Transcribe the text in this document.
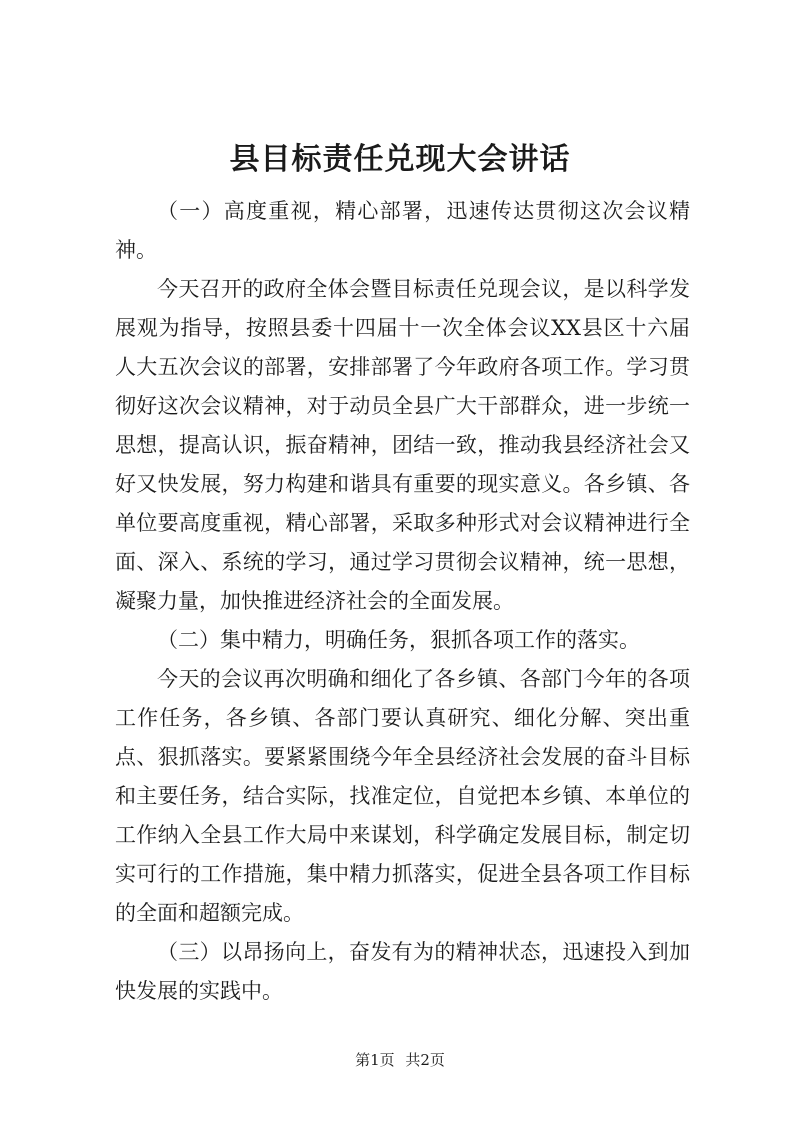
县目标责任兑现大会讲话

（一）高度重视，精心部署，迅速传达贯彻这次会议精神。

今天召开的政府全体会暨目标责任兑现会议，是以科学发展观为指导，按照县委十四届十一次全体会议XX县区十六届人大五次会议的部署，安排部署了今年政府各项工作。学习贯彻好这次会议精神，对于动员全县广大干部群众，进一步统一思想，提高认识，振奋精神，团结一致，推动我县经济社会又好又快发展，努力构建和谐具有重要的现实意义。各乡镇、各单位要高度重视，精心部署，采取多种形式对会议精神进行全面、深入、系统的学习，通过学习贯彻会议精神，统一思想，凝聚力量，加快推进经济社会的全面发展。

（二）集中精力，明确任务，狠抓各项工作的落实。

今天的会议再次明确和细化了各乡镇、各部门今年的各项工作任务，各乡镇、各部门要认真研究、细化分解、突出重点、狠抓落实。要紧紧围绕今年全县经济社会发展的奋斗目标和主要任务，结合实际，找准定位，自觉把本乡镇、本单位的工作纳入全县工作大局中来谋划，科学确定发展目标，制定切实可行的工作措施，集中精力抓落实，促进全县各项工作目标的全面和超额完成。

（三）以昂扬向上，奋发有为的精神状态，迅速投入到加快发展的实践中。

第1页 共2页
